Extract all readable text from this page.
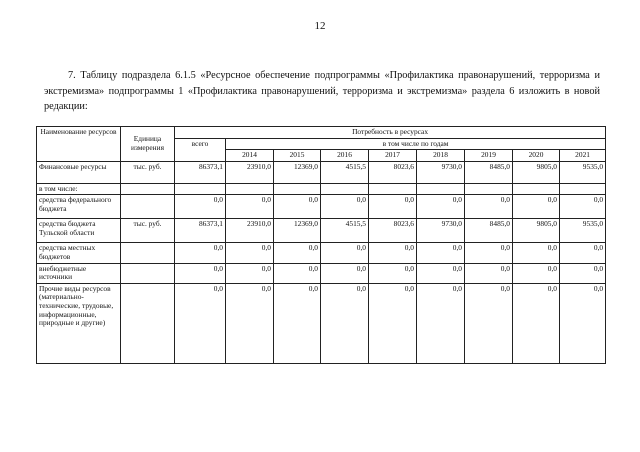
12
7. Таблицу подраздела 6.1.5 «Ресурсное обеспечение подпрограммы «Профилактика правонарушений, терроризма и экстремизма» подпрограммы 1 «Профилактика правонарушений, терроризма и экстремизма» раздела 6 изложить в новой редакции:
Наименование ресурсов	Единица измерения	Потребность в ресурсах								
		всего	в том числе по годам							
			2014	2015	2016	2017	2018	2019	2020	2021
Финансовые ресурсы	тыс. руб.	86373,1	23910,0	12369,0	4515,5	8023,6	9730,0	8485,0	9805,0	9535,0
в том числе:										
средства федерального бюджета		0,0	0,0	0,0	0,0	0,0	0,0	0,0	0,0	0,0
средства бюджета Тульской области	тыс. руб.	86373,1	23910,0	12369,0	4515,5	8023,6	9730,0	8485,0	9805,0	9535,0
средства местных бюджетов		0,0	0,0	0,0	0,0	0,0	0,0	0,0	0,0	0,0
внебюджетные источники		0,0	0,0	0,0	0,0	0,0	0,0	0,0	0,0	0,0
Прочие виды ресурсов (материально-технические, трудовые, информационные, природные и другие)		0,0	0,0	0,0	0,0	0,0	0,0	0,0	0,0	0,0
